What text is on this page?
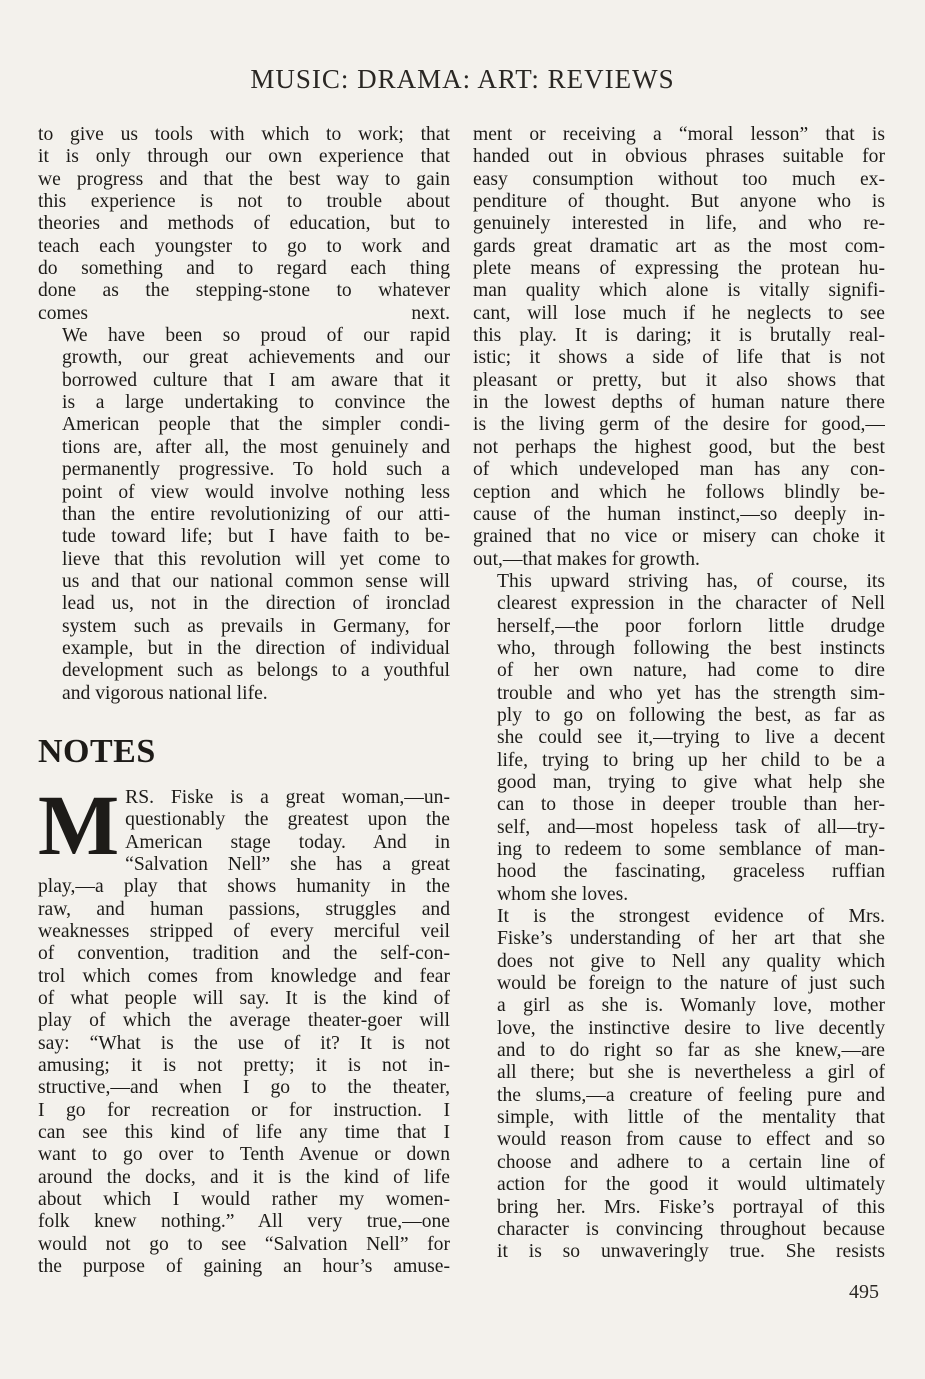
MUSIC: DRAMA: ART: REVIEWS
to give us tools with which to work; that
it is only through our own experience that
we progress and that the best way to gain
this experience is not to trouble about
theories and methods of education, but to
teach each youngster to go to work and
do something and to regard each thing
done as the stepping-stone to whatever
comes next.
We have been so proud of our rapid
growth, our great achievements and our
borrowed culture that I am aware that it
is a large undertaking to convince the
American people that the simpler condi-
tions are, after all, the most genuinely and
permanently progressive. To hold such a
point of view would involve nothing less
than the entire revolutionizing of our atti-
tude toward life; but I have faith to be-
lieve that this revolution will yet come to
us and that our national common sense will
lead us, not in the direction of ironclad
system such as prevails in Germany, for
example, but in the direction of individual
development such as belongs to a youthful
and vigorous national life.
NOTES
M RS. Fiske is a great woman,—un-
questionably the greatest upon the
American stage today. And in
“Salvation Nell” she has a great
play,—a play that shows humanity in the
raw, and human passions, struggles and
weaknesses stripped of every merciful veil
of convention, tradition and the self-con-
trol which comes from knowledge and fear
of what people will say. It is the kind of
play of which the average theater-goer will
say: “What is the use of it? It is not
amusing; it is not pretty; it is not in-
structive,—and when I go to the theater,
I go for recreation or for instruction. I
can see this kind of life any time that I
want to go over to Tenth Avenue or down
around the docks, and it is the kind of life
about which I would rather my women-
folk knew nothing.” All very true,—one
would not go to see “Salvation Nell” for
the purpose of gaining an hour’s amuse-
ment or receiving a “moral lesson” that is
handed out in obvious phrases suitable for
easy consumption without too much ex-
penditure of thought. But anyone who is
genuinely interested in life, and who re-
gards great dramatic art as the most com-
plete means of expressing the protean hu-
man quality which alone is vitally signifi-
cant, will lose much if he neglects to see
this play. It is daring; it is brutally real-
istic; it shows a side of life that is not
pleasant or pretty, but it also shows that
in the lowest depths of human nature there
is the living germ of the desire for good,—
not perhaps the highest good, but the best
of which undeveloped man has any con-
ception and which he follows blindly be-
cause of the human instinct,—so deeply in-
grained that no vice or misery can choke it
out,—that makes for growth.
This upward striving has, of course, its
clearest expression in the character of Nell
herself,—the poor forlorn little drudge
who, through following the best instincts
of her own nature, had come to dire
trouble and who yet has the strength sim-
ply to go on following the best, as far as
she could see it,—trying to live a decent
life, trying to bring up her child to be a
good man, trying to give what help she
can to those in deeper trouble than her-
self, and—most hopeless task of all—try-
ing to redeem to some semblance of man-
hood the fascinating, graceless ruffian
whom she loves.
It is the strongest evidence of Mrs.
Fiske’s understanding of her art that she
does not give to Nell any quality which
would be foreign to the nature of just such
a girl as she is. Womanly love, mother
love, the instinctive desire to live decently
and to do right so far as she knew,—are
all there; but she is nevertheless a girl of
the slums,—a creature of feeling pure and
simple, with little of the mentality that
would reason from cause to effect and so
choose and adhere to a certain line of
action for the good it would ultimately
bring her. Mrs. Fiske’s portrayal of this
character is convincing throughout because
it is so unwaveringly true. She resists
495
